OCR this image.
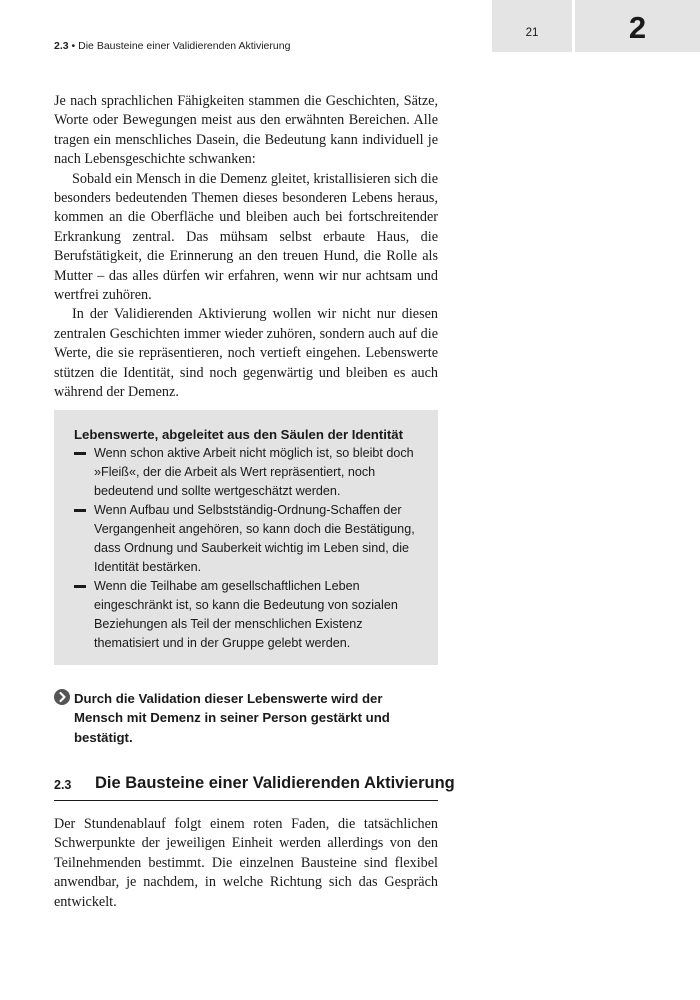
2.3 • Die Bausteine einer Validierenden Aktivierung
21	2

Je nach sprachlichen Fähigkeiten stammen die Geschichten, Sätze, Worte oder Bewegungen meist aus den erwähnten Bereichen. Alle tragen ein menschliches Dasein, die Bedeutung kann individuell je nach Lebensgeschichte schwanken:

Sobald ein Mensch in die Demenz gleitet, kristallisieren sich die besonders bedeutenden Themen dieses besonderen Lebens heraus, kommen an die Oberfläche und bleiben auch bei fortschreitender Erkrankung zentral. Das mühsam selbst erbaute Haus, die Berufstätigkeit, die Erinnerung an den treuen Hund, die Rolle als Mutter – das alles dürfen wir erfahren, wenn wir nur achtsam und wertfrei zuhören.

In der Validierenden Aktivierung wollen wir nicht nur diesen zentralen Geschichten immer wieder zuhören, sondern auch auf die Werte, die sie repräsentieren, noch vertieft eingehen. Lebenswerte stützen die Identität, sind noch gegenwärtig und bleiben es auch während der Demenz.

Lebenswerte, abgeleitet aus den Säulen der Identität
Wenn schon aktive Arbeit nicht möglich ist, so bleibt doch »Fleiß«, der die Arbeit als Wert repräsentiert, noch bedeutend und sollte wertgeschätzt werden.
Wenn Aufbau und Selbstständig-Ordnung-Schaffen der Vergangenheit angehören, so kann doch die Bestätigung, dass Ordnung und Sauberkeit wichtig im Leben sind, die Identität bestärken.
Wenn die Teilhabe am gesellschaftlichen Leben eingeschränkt ist, so kann die Bedeutung von sozialen Beziehungen als Teil der menschlichen Existenz thematisiert und in der Gruppe gelebt werden.
Durch die Validation dieser Lebenswerte wird der Mensch mit Demenz in seiner Person gestärkt und bestätigt.
2.3 Die Bausteine einer Validierenden Aktivierung

Der Stundenablauf folgt einem roten Faden, die tatsächlichen Schwerpunkte der jeweiligen Einheit werden allerdings von den Teilnehmenden bestimmt. Die einzelnen Bausteine sind flexibel anwendbar, je nachdem, in welche Richtung sich das Gespräch entwickelt.
